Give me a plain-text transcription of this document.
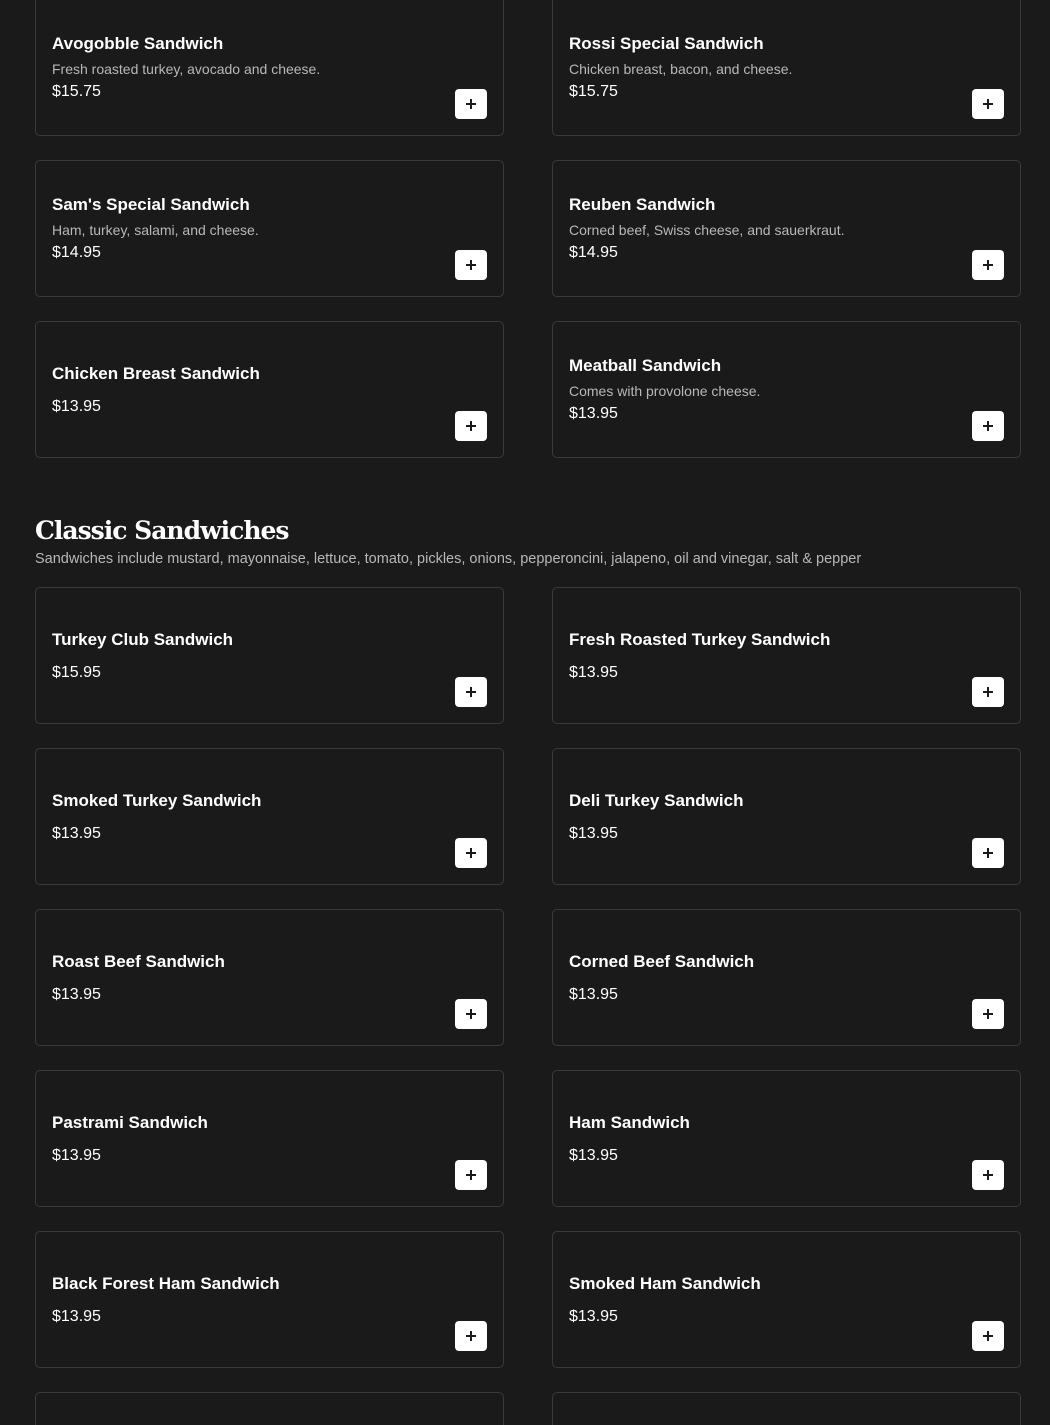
Avogobble Sandwich
Fresh roasted turkey, avocado and cheese.
$15.75
Rossi Special Sandwich
Chicken breast, bacon, and cheese.
$15.75
Sam's Special Sandwich
Ham, turkey, salami, and cheese.
$14.95
Reuben Sandwich
Corned beef, Swiss cheese, and sauerkraut.
$14.95
Chicken Breast Sandwich
$13.95
Meatball Sandwich
Comes with provolone cheese.
$13.95
Classic Sandwiches
Sandwiches include mustard, mayonnaise, lettuce, tomato, pickles, onions, pepperoncini, jalapeno, oil and vinegar, salt & pepper
Turkey Club Sandwich
$15.95
Fresh Roasted Turkey Sandwich
$13.95
Smoked Turkey Sandwich
$13.95
Deli Turkey Sandwich
$13.95
Roast Beef Sandwich
$13.95
Corned Beef Sandwich
$13.95
Pastrami Sandwich
$13.95
Ham Sandwich
$13.95
Black Forest Ham Sandwich
$13.95
Smoked Ham Sandwich
$13.95
